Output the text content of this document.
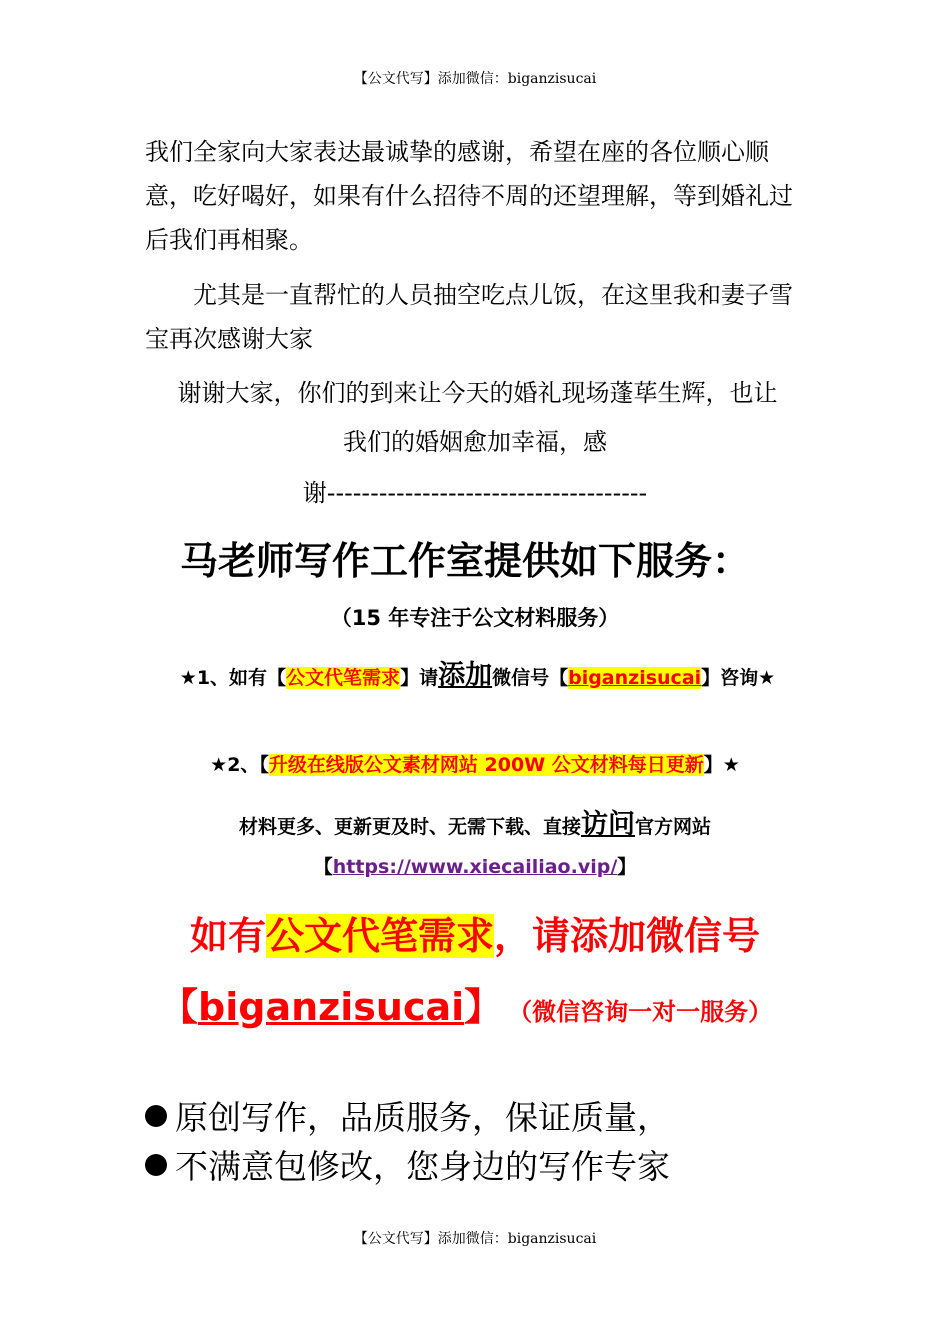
【公文代写】添加微信：biganzisucai
我们全家向大家表达最诚挚的感谢，希望在座的各位顺心顺意，吃好喝好，如果有什么招待不周的还望理解，等到婚礼过后我们再相聚。
尤其是一直帮忙的人员抽空吃点儿饭，在这里我和妻子雪宝再次感谢大家
谢谢大家，你们的到来让今天的婚礼现场蓬荜生辉，也让
我们的婚姻愈加幸福，感
谢-------------------------------------
马老师写作工作室提供如下服务：
（15 年专注于公文材料服务）
★1、如有【公文代笔需求】请添加微信号【biganzisucai】咨询★
★2、【升级在线版公文素材网站 200W 公文材料每日更新】★
材料更多、更新更及时、无需下载、直接访问官方网站
【https://www.xiecailiao.vip/】
如有公文代笔需求，请添加微信号
【biganzisucai】 （微信咨询一对一服务）
原创写作，品质服务，保证质量，
不满意包修改，您身边的写作专家
【公文代写】添加微信：biganzisucai
